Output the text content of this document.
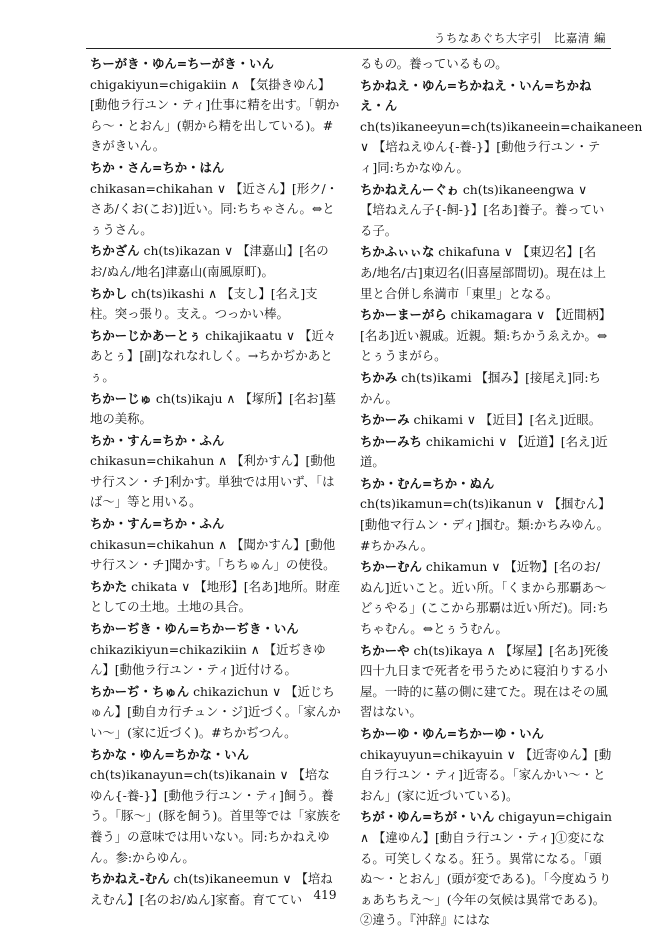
うちなあぐち大字引　比嘉清 編
ちーがき・ゆん=ちーがき・いん chigakiyun=chigakiin ∧ 【気掛きゆん】[動他ラ行ユン・ティ]仕事に精を出す。「朝から～・とおん」(朝から精を出している)。#きがきいん。
ちか・さん=ちか・はん chikasan=chikahan ∨ 【近さん】[形ク/・さあ/くお(こお)]近い。同:ちちゃさん。⇔とぅうさん。
ちかざん ch(ts)ikazan ∨ 【津嘉山】[名のお/ぬん/地名]津嘉山(南風原町)。
ちかし ch(ts)ikashi ∧ 【支し】[名え]支柱。突っ張り。支え。つっかい棒。
ちかーじかあーとぅ chikajikaatu ∨ 【近々あとぅ】[副]なれなれしく。→ちかぢかあとぅ。
ちかーじゅ ch(ts)ikaju ∧ 【塚所】[名お]墓地の美称。
ちか・すん=ちか・ふん chikasun=chikahun ∧ 【利かすん】[動他サ行スン・チ]利かす。単独では用いず、「はば～」等と用いる。
ちか・すん=ちか・ふん chikasun=chikahun ∧ 【聞かすん】[動他サ行スン・チ]聞かす。「ちちゅん」の使役。
ちかた chikata ∨ 【地形】[名あ]地所。財産としての土地。土地の具合。
ちかーぢき・ゆん=ちかーぢき・いん chikazikiyun=chikazikiin ∧ 【近ぢきゆん】[動他ラ行ユン・ティ]近付ける。
ちかーぢ・ちゅん chikazichun ∨ 【近じちゅん】[動自カ行チュン・ジ]近づく。「家んかい～」(家に近づく)。#ちかぢつん。
ちかな・ゆん=ちかな・いん ch(ts)ikanayun=ch(ts)ikanain ∨ 【培なゆん{-養-}】[動他ラ行ユン・ティ]飼う。養う。「豚～」(豚を飼う)。首里等では「家族を養う」の意味では用いない。同:ちかねえゆん。参:からゆん。
ちかねえ-むん ch(ts)ikaneemun ∨ 【培ねえむん】[名のお/ぬん]家畜。育ててい
るもの。養っているもの。
ちかねえ・ゆん=ちかねえ・いん=ちかねえ・ん ch(ts)ikaneeyun=ch(ts)ikaneein=chaikaneen ∨ 【培ねえゆん{-養-}】[動他ラ行ユン・ティ]同:ちかなゆん。
ちかねえんーぐゎ ch(ts)ikaneengwa ∨ 【培ねえん子{-飼-}】[名あ]養子。養っている子。
ちかふぃぃな chikafuna ∨ 【東辺名】[名あ/地名/古]東辺名(旧喜屋部間切)。現在は上里と合併し糸満市「東里」となる。
ちかーまーがら chikamagara ∨ 【近間柄】[名あ]近い親戚。近親。類:ちかうゑえか。⇔とぅうまがら。
ちかみ ch(ts)ikami 【掴み】[接尾え]同:ちかん。
ちかーみ chikami ∨ 【近目】[名え]近眼。
ちかーみち chikamichi ∨ 【近道】[名え]近道。
ちか・むん=ちか・ぬん ch(ts)ikamun=ch(ts)ikanun ∨ 【掴むん】[動他マ行ムン・ディ]掴む。類:かちみゆん。#ちかみん。
ちかーむん chikamun ∨ 【近物】[名のお/ぬん]近いこと。近い所。「くまから那覇あ～どぅやる」(ここから那覇は近い所だ)。同:ちちゃむん。⇔とぅうむん。
ちかーや ch(ts)ikaya ∧ 【塚屋】[名あ]死後四十九日まで死者を弔うために寝泊りする小屋。一時的に墓の側に建てた。現在はその風習はない。
ちかーゆ・ゆん=ちかーゆ・いん chikayuyun=chikayuin ∨ 【近寄ゆん】[動自ラ行ユン・ティ]近寄る。「家んかい～・とおん」(家に近づいている)。
ちが・ゆん=ちが・いん chigayun=chigain ∧ 【違ゆん】[動自ラ行ユン・ティ]①変になる。可笑しくなる。狂う。異常になる。「頭ぬ～・とおん」(頭が変である)。「今度ぬうりぁあちちえ～」(今年の気候は異常である)。②違う。『沖辞』にはな
419
